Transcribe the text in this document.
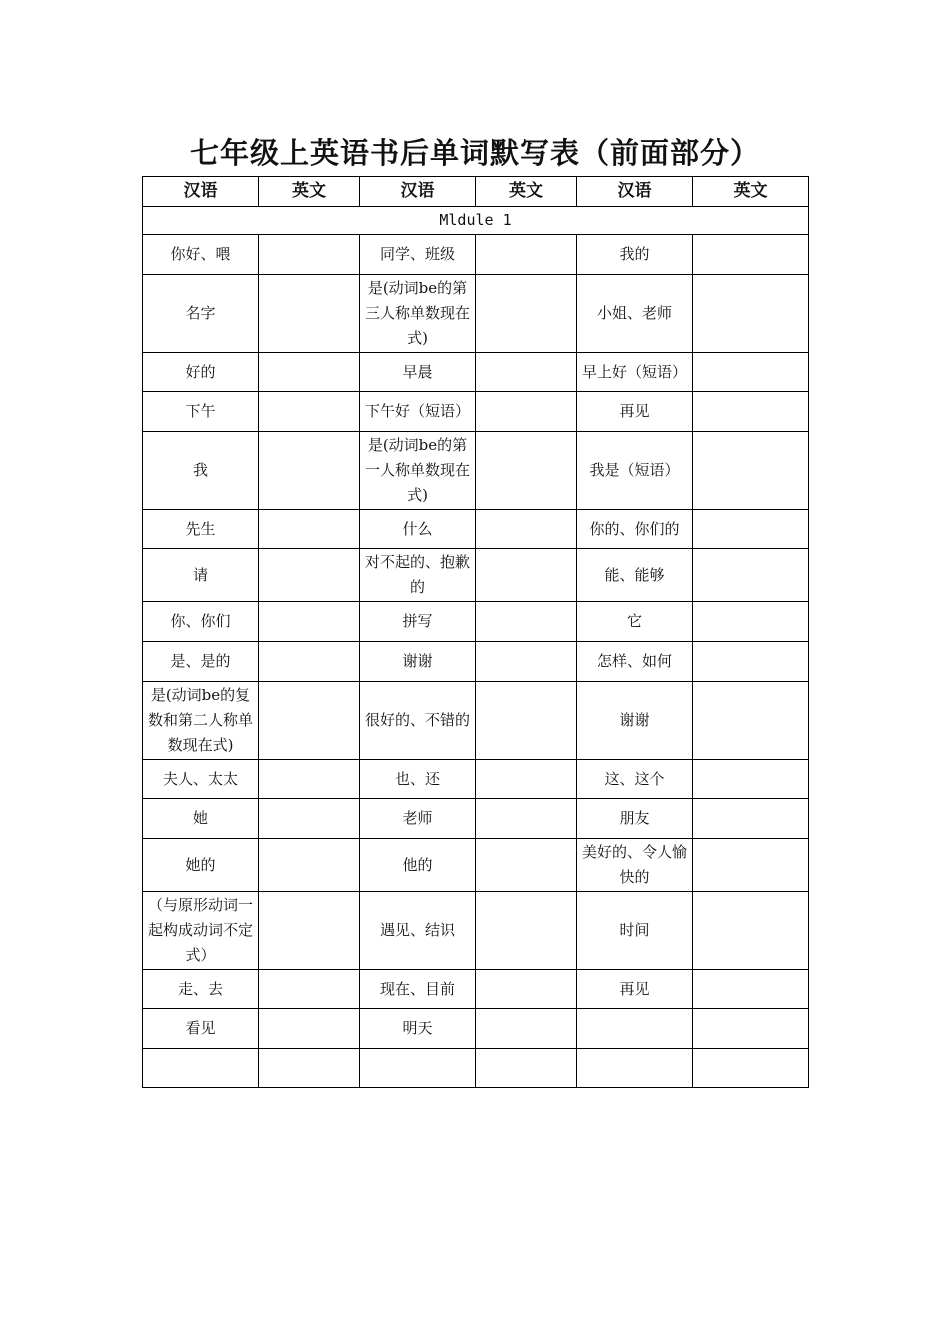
七年级上英语书后单词默写表（前面部分）
汉语	英文	汉语	英文	汉语	英文
Mldule 1					
你好、喂		同学、班级		我的	
名字		是(动词be的第三人称单数现在式)		小姐、老师	
好的		早晨		早上好（短语）	
下午		下午好（短语）		再见	
我		是(动词be的第一人称单数现在式)		我是（短语）	
先生		什么		你的、你们的	
请		对不起的、抱歉的		能、能够	
你、你们		拼写		它	
是、是的		谢谢		怎样、如何	
是(动词be的复数和第二人称单数现在式)		很好的、不错的		谢谢	
夫人、太太		也、还		这、这个	
她		老师		朋友	
她的		他的		美好的、令人愉快的	
（与原形动词一起构成动词不定式）		遇见、结识		时间	
走、去		现在、目前		再见	
看见		明天			
